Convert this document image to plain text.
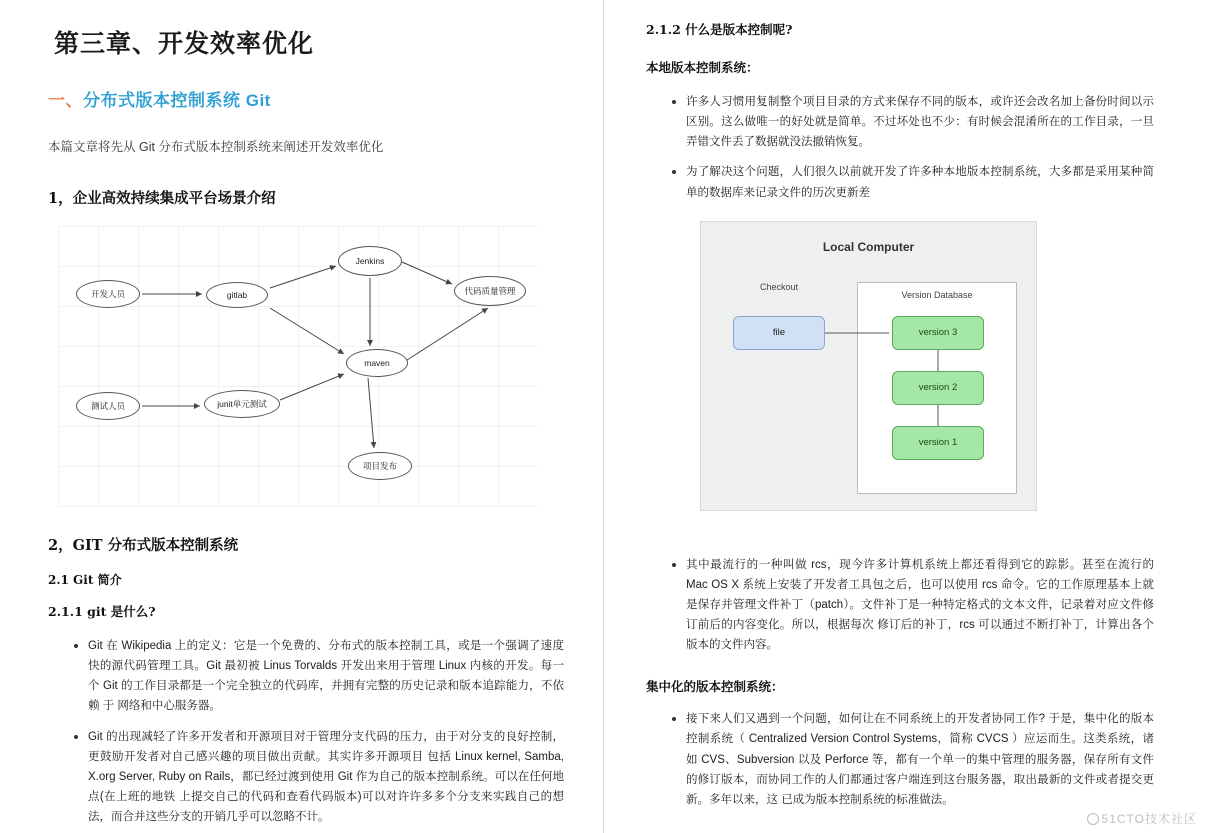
第三章、开发效率优化
一、分布式版本控制系统 Git

本篇文章将先从 Git 分布式版本控制系统来阐述开发效率优化

1，企业高效持续集成平台场景介绍
开发人员	gitlab
Jenkins
代码质量管理
maven
测试人员	junit单元测试
项目发布
2，GIT 分布式版本控制系统
2.1 Git 简介
2.1.1 git 是什么?
Git 在 Wikipedia 上的定义：它是一个免费的、分布式的版本控制工具，或是一个强调了速度快的源代码管理工具。Git 最初被 Linus Torvalds 开发出来用于管理 Linux 内核的开发。每一个 Git 的工作目录都是一个完全独立的代码库，并拥有完整的历史记录和版本追踪能力，不依赖 于 网络和中心服务器。
Git 的出现减轻了许多开发者和开源项目对于管理分支代码的压力，由于对分支的良好控制，更鼓励开发者对自己感兴趣的项目做出贡献。其实许多开源项目 包括 Linux kernel, Samba, X.org Server, Ruby on Rails，都已经过渡到使用 Git 作为自己的版本控制系统。可以在任何地点(在上班的地铁 上提交自己的代码和查看代码版本)可以对许许多多个分支来实践自己的想法，而合并这些分支的开销几乎可以忽略不计。
2.1.2 什么是版本控制呢?
本地版本控制系统：
许多人习惯用复制整个项目目录的方式来保存不同的版本，或许还会改名加上备份时间以示区别。这么做唯一的好处就是简单。不过坏处也不少：有时候会混淆所在的工作目录，一旦弄错文件丢了数据就没法撤销恢复。
为了解决这个问题，人们很久以前就开发了许多种本地版本控制系统，大多都是采用某种简单的数据库来记录文件的历次更新差
Local Computer
Checkout
Version Database
file	version 3
version 2
version 1
其中最流行的一种叫做 rcs，现今许多计算机系统上都还看得到它的踪影。甚至在流行的 Mac OS X 系统上安装了开发者工具包之后，也可以使用 rcs 命令。它的工作原理基本上就是保存并管理文件补丁（patch）。文件补丁是一种特定格式的文本文件，记录着对应文件修订前后的内容变化。所以，根据每次 修订后的补丁，rcs 可以通过不断打补丁，计算出各个版本的文件内容。
集中化的版本控制系统：
接下来人们又遇到一个问题，如何让在不同系统上的开发者协同工作? 于是，集中化的版本控制系统（ Centralized Version Control Systems，简称 CVCS ）应运而生。这类系统，诸如 CVS、Subversion 以及 Perforce 等，都有一个单一的集中管理的服务器，保存所有文件的修订版本，而协同工作的人们都通过客户端连到这台服务器，取出最新的文件或者提交更新。多年以来，这 已成为版本控制系统的标准做法。
51CTO技术社区
